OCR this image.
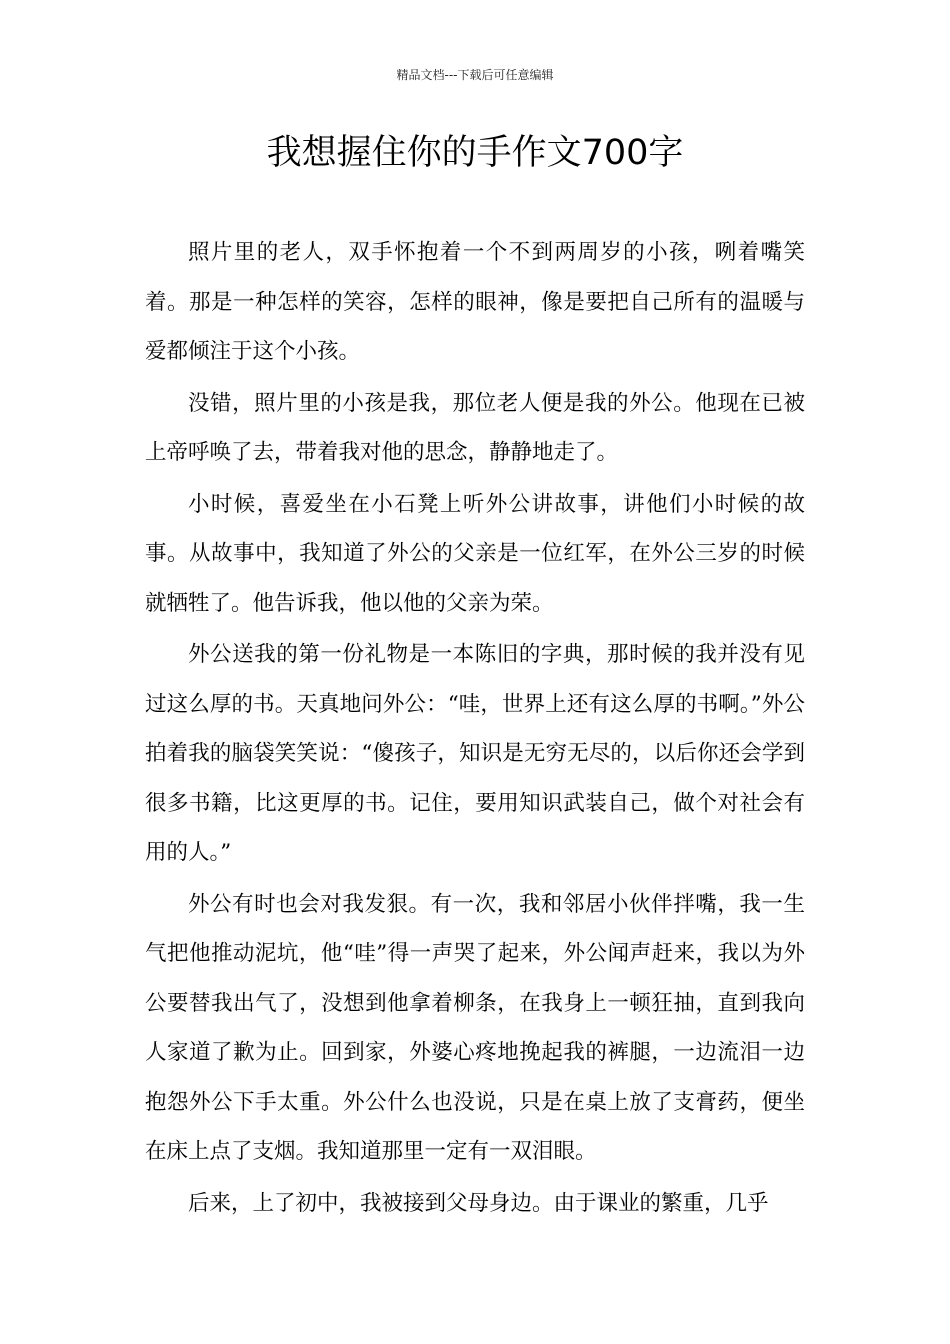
精品文档---下载后可任意编辑
我想握住你的手作文700字

照片里的老人，双手怀抱着一个不到两周岁的小孩，咧着嘴笑着。那是一种怎样的笑容，怎样的眼神，像是要把自己所有的温暖与爱都倾注于这个小孩。

没错，照片里的小孩是我，那位老人便是我的外公。他现在已被上帝呼唤了去，带着我对他的思念，静静地走了。

小时候，喜爱坐在小石凳上听外公讲故事，讲他们小时候的故事。从故事中，我知道了外公的父亲是一位红军，在外公三岁的时候就牺牲了。他告诉我，他以他的父亲为荣。

外公送我的第一份礼物是一本陈旧的字典，那时候的我并没有见过这么厚的书。天真地问外公：“哇，世界上还有这么厚的书啊。”外公拍着我的脑袋笑笑说：“傻孩子，知识是无穷无尽的，以后你还会学到很多书籍，比这更厚的书。记住，要用知识武装自己，做个对社会有用的人。”

外公有时也会对我发狠。有一次，我和邻居小伙伴拌嘴，我一生气把他推动泥坑，他“哇”得一声哭了起来，外公闻声赶来，我以为外公要替我出气了，没想到他拿着柳条，在我身上一顿狂抽，直到我向人家道了歉为止。回到家，外婆心疼地挽起我的裤腿，一边流泪一边抱怨外公下手太重。外公什么也没说，只是在桌上放了支膏药，便坐在床上点了支烟。我知道那里一定有一双泪眼。

后来，上了初中，我被接到父母身边。由于课业的繁重，几乎
